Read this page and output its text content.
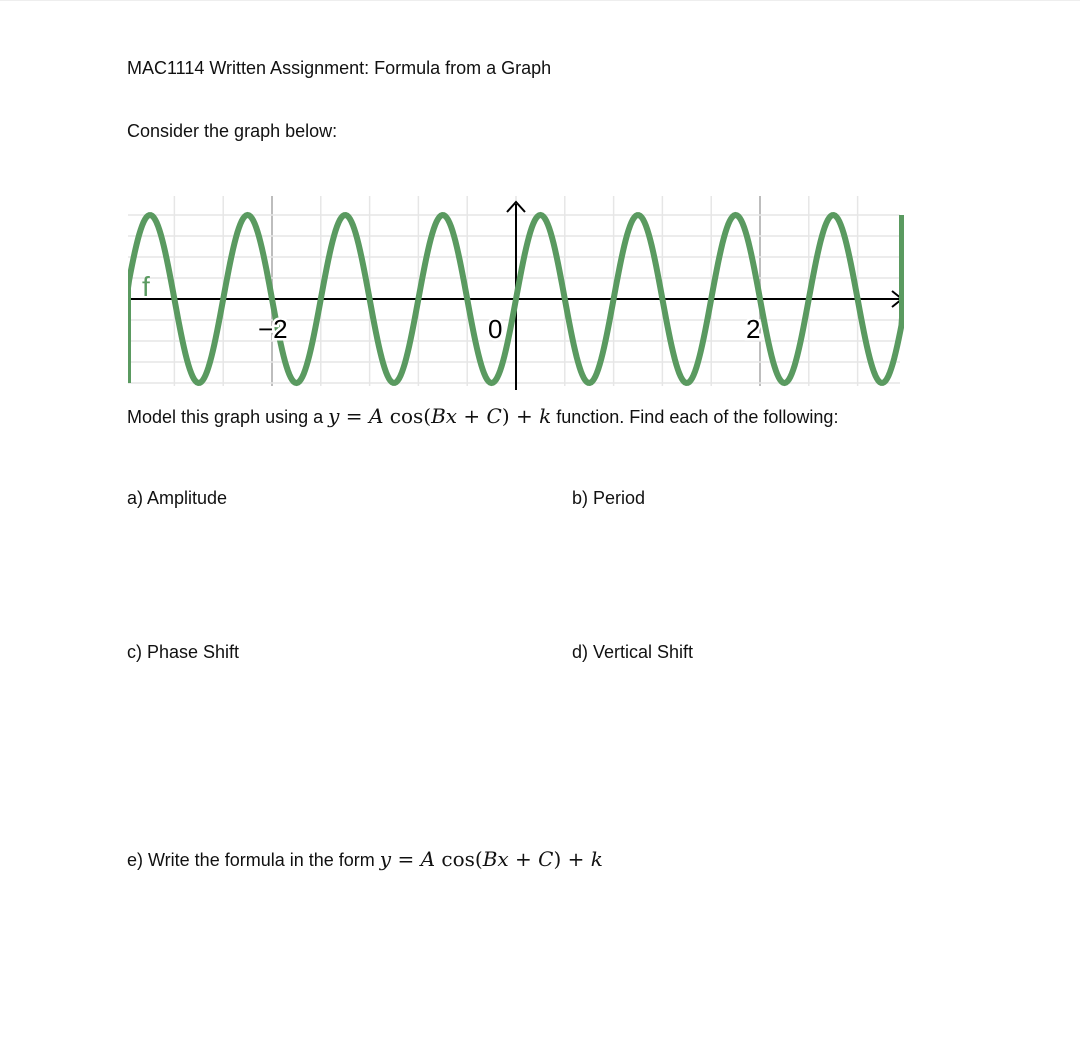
MAC1114 Written Assignment: Formula from a Graph
Consider the graph below:
−2	0	2
f
Model this graph using a y = A cos(Bx + C) + k function. Find each of the following:
a) Amplitude	b) Period
c) Phase Shift	d) Vertical Shift
e) Write the formula in the form y = A cos(Bx + C) + k
